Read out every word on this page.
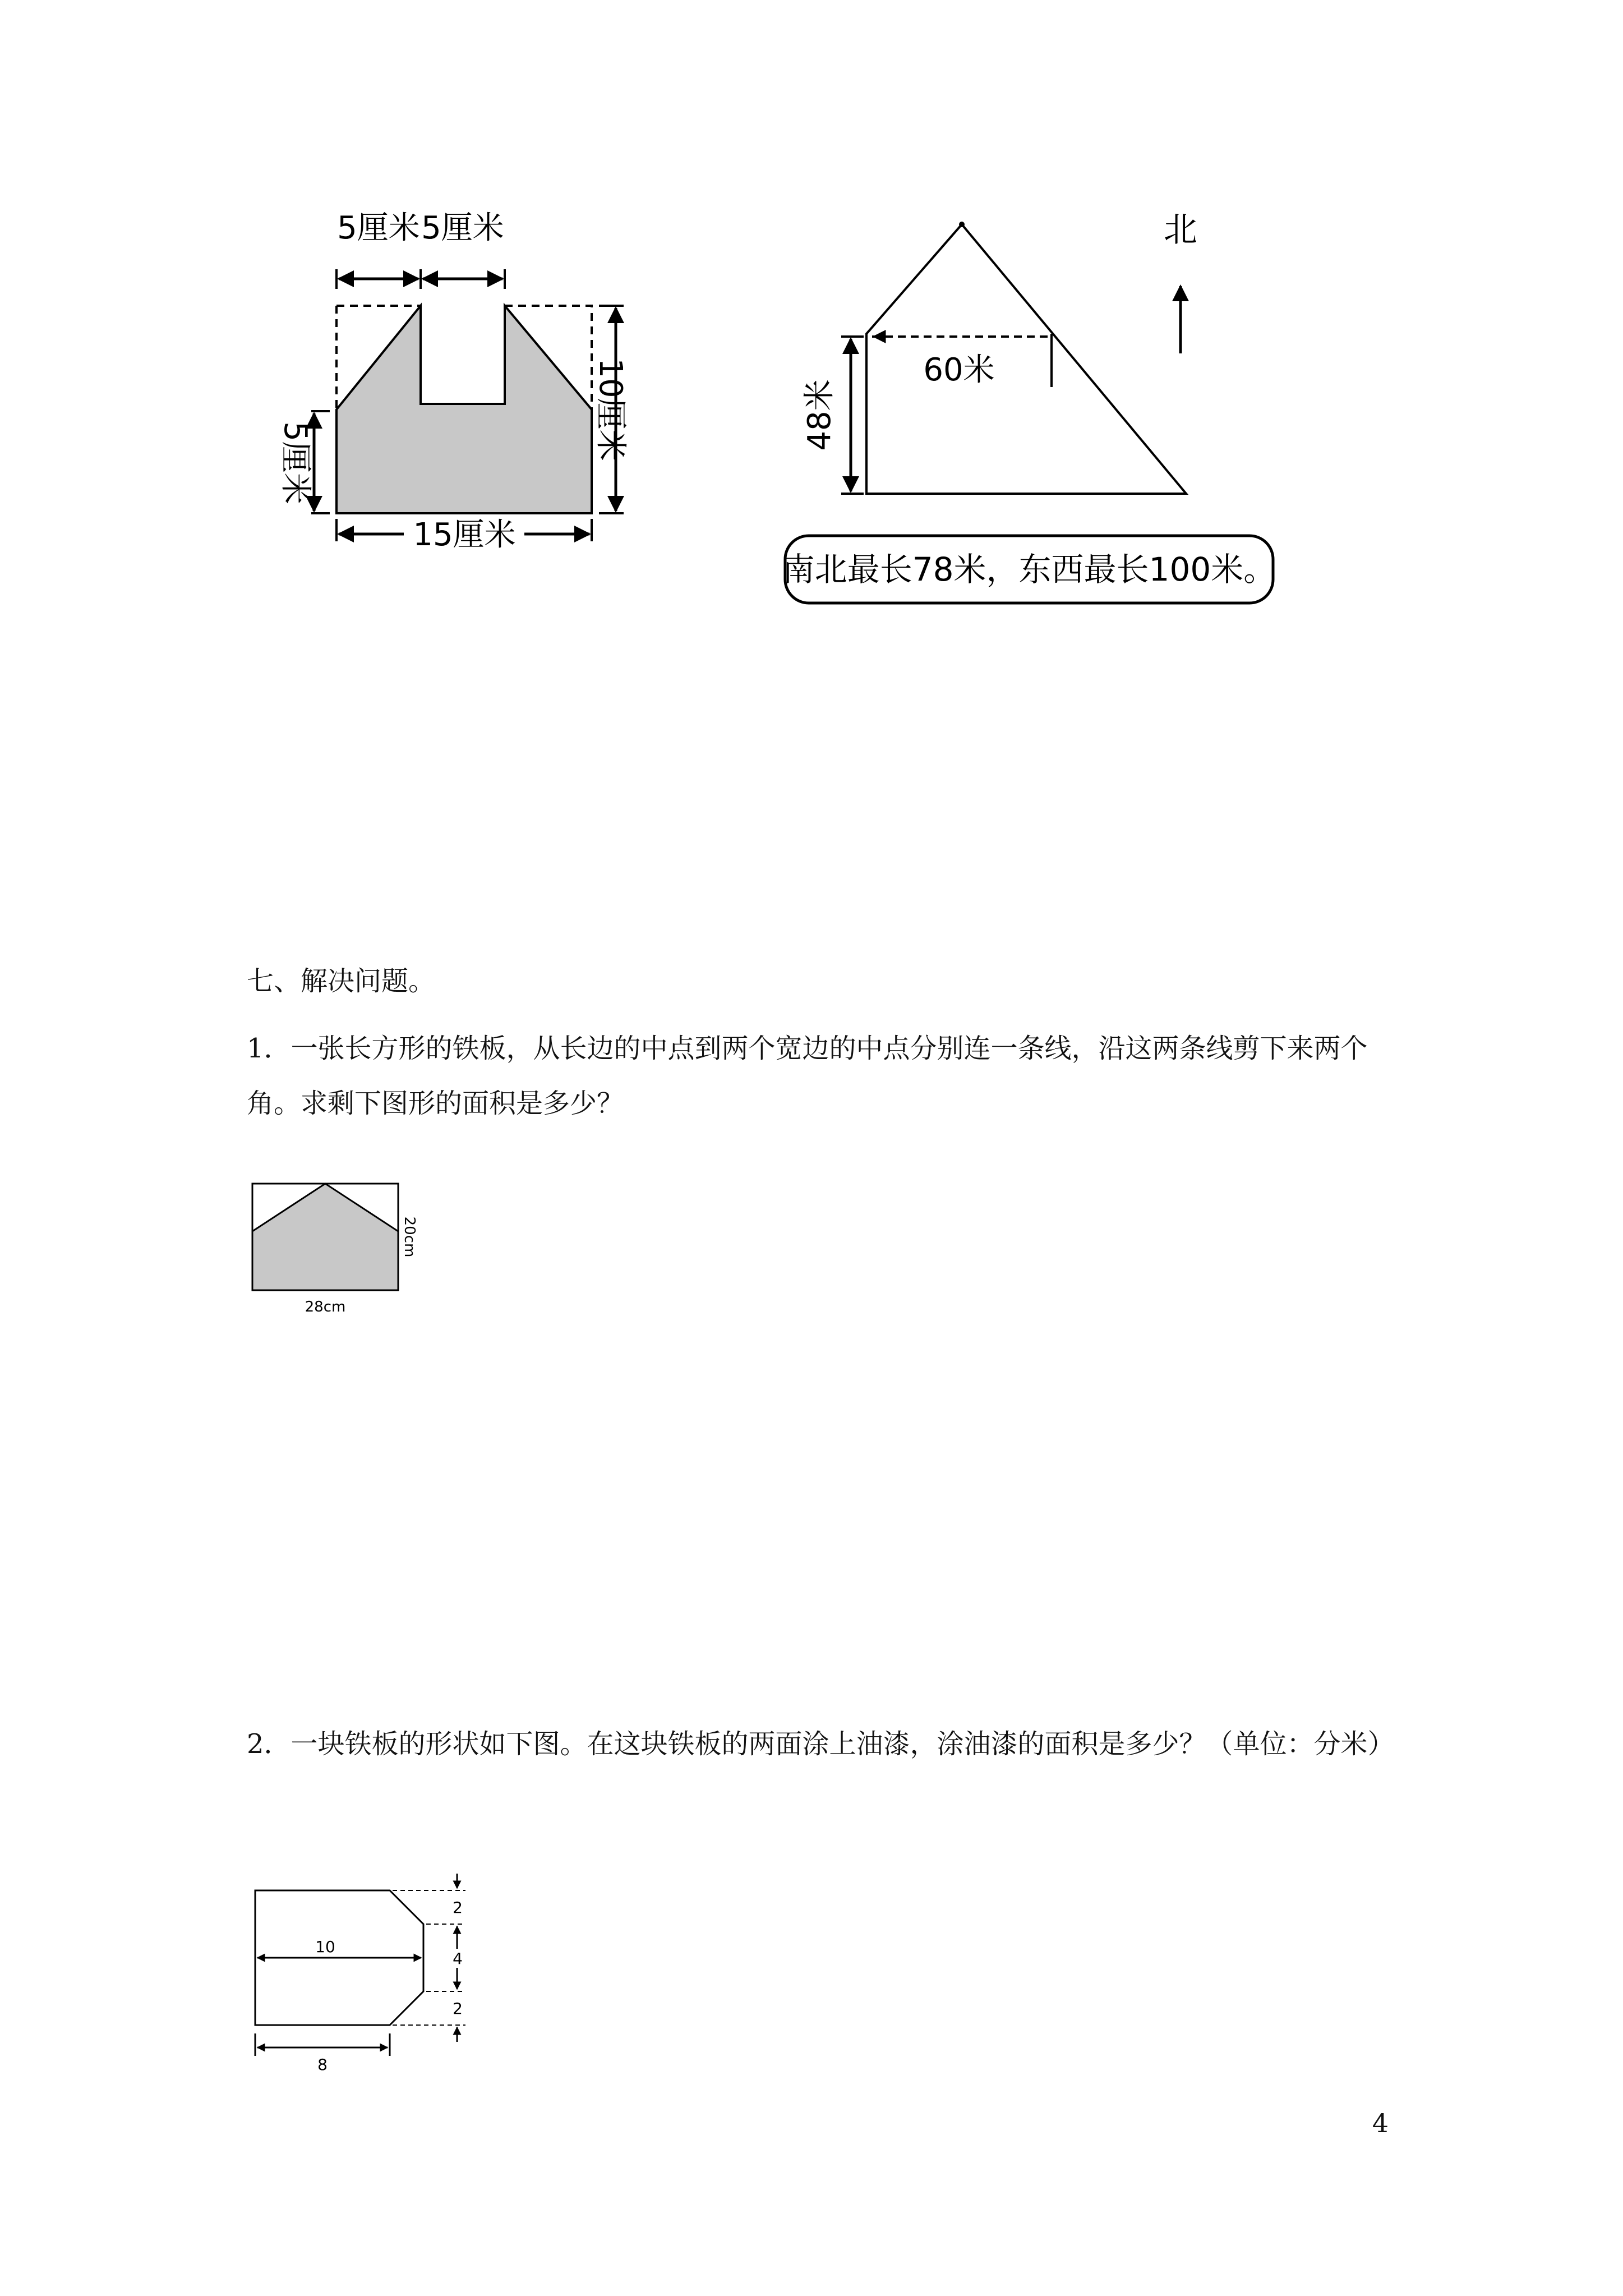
5厘米 5厘米
5厘米
10厘米
15厘米
60米
48米
北
南北最长78米，东西最长100米。
七、解决问题。
1．一张长方形的铁板，从长边的中点到两个宽边的中点分别连一条线，沿这两条线剪下来两个角。求剩下图形的面积是多少？
20cm
28cm
2．一块铁板的形状如下图。在这块铁板的两面涂上油漆，涂油漆的面积是多少？（单位：分米）
10
8
2
4
2
4
